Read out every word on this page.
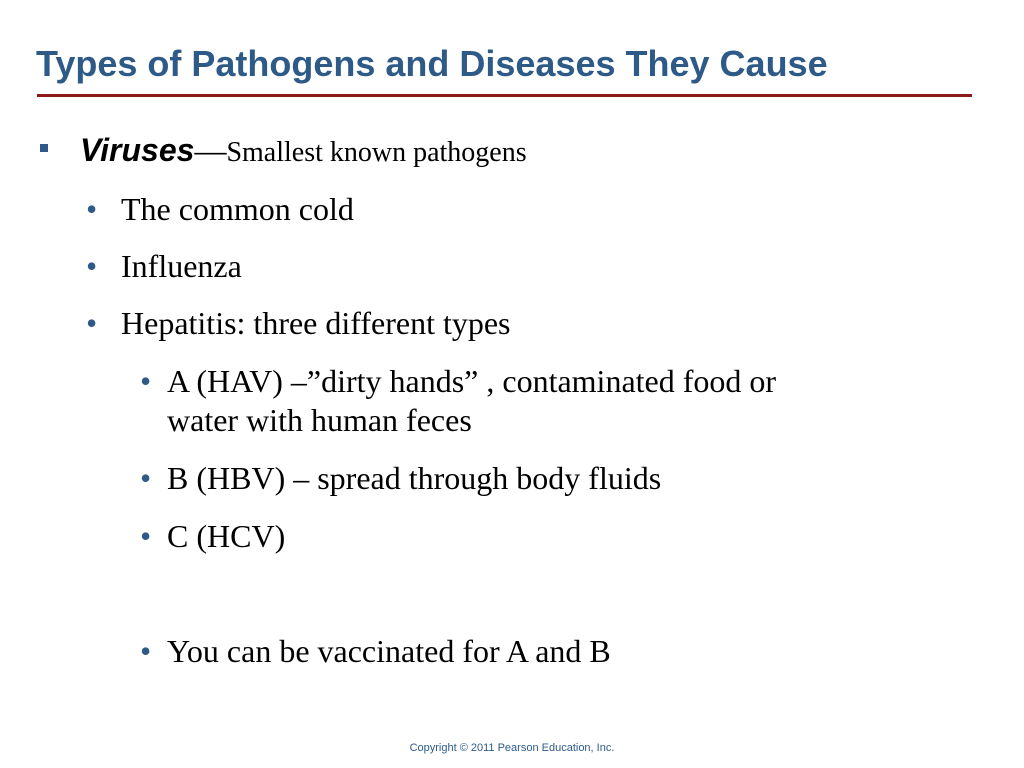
Types of Pathogens and Diseases They Cause
Viruses—Smallest known pathogens
• The common cold
• Influenza
• Hepatitis: three different types
• A (HAV) –”dirty hands” , contaminated food or
water with human feces
• B (HBV) – spread through body fluids
• C (HCV)
• You can be vaccinated for A and B
Copyright © 2011 Pearson Education, Inc.
